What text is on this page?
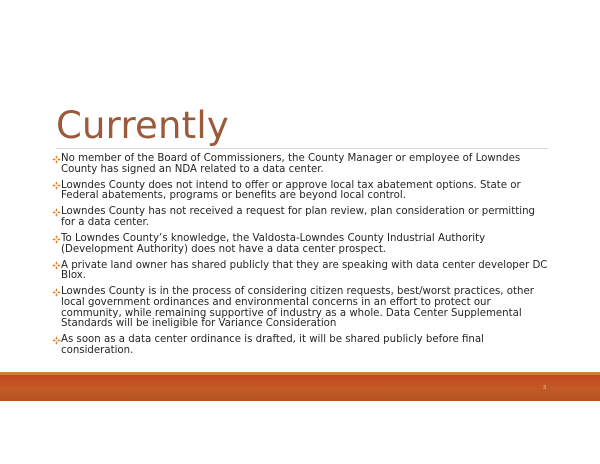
Currently
No member of the Board of Commissioners, the County Manager or employee of Lowndes County has signed an NDA related to a data center.
Lowndes County does not intend to offer or approve local tax abatement options. State or Federal abatements, programs or benefits are beyond local control.
Lowndes County has not received a request for plan review, plan consideration or permitting for a data center.
To Lowndes County’s knowledge, the Valdosta-Lowndes County Industrial Authority (Development Authority) does not have a data center prospect.
A private land owner has shared publicly that they are speaking with data center developer DC Blox.
Lowndes County is in the process of considering citizen requests, best/worst practices, other local government ordinances and environmental concerns in an effort to protect our community, while remaining supportive of industry as a whole. Data Center Supplemental Standards will be ineligible for Variance Consideration
As soon as a data center ordinance is drafted, it will be shared publicly before final consideration.
3
